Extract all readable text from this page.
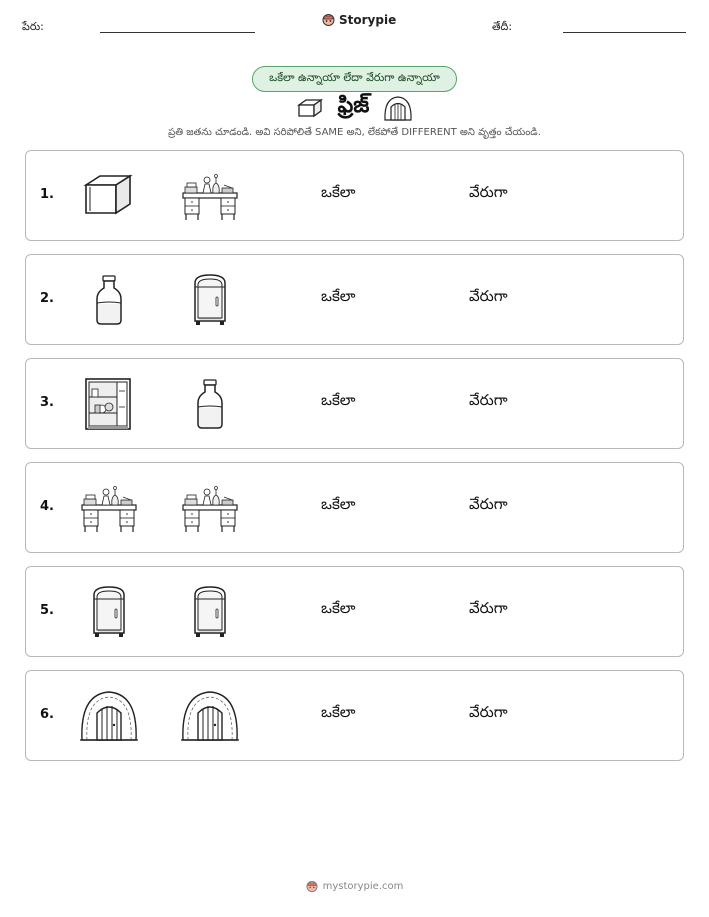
పేరు:	Storypie	తేదీ:
ఒకేలా ఉన్నాయా లేదా వేరుగా ఉన్నాయా
ఫ్రిజ్
ప్రతి జతను చూడండి. అవి సరిపోలితే SAME అని, లేకపోతే DIFFERENT అని వృత్తం చేయండి.
1.	ఒకేలా	వేరుగా
2.	ఒకేలా	వేరుగా
3.	ఒకేలా	వేరుగా
4.	ఒకేలా	వేరుగా
5.	ఒకేలా	వేరుగా
6.	ఒకేలా	వేరుగా
mystorypie.com
